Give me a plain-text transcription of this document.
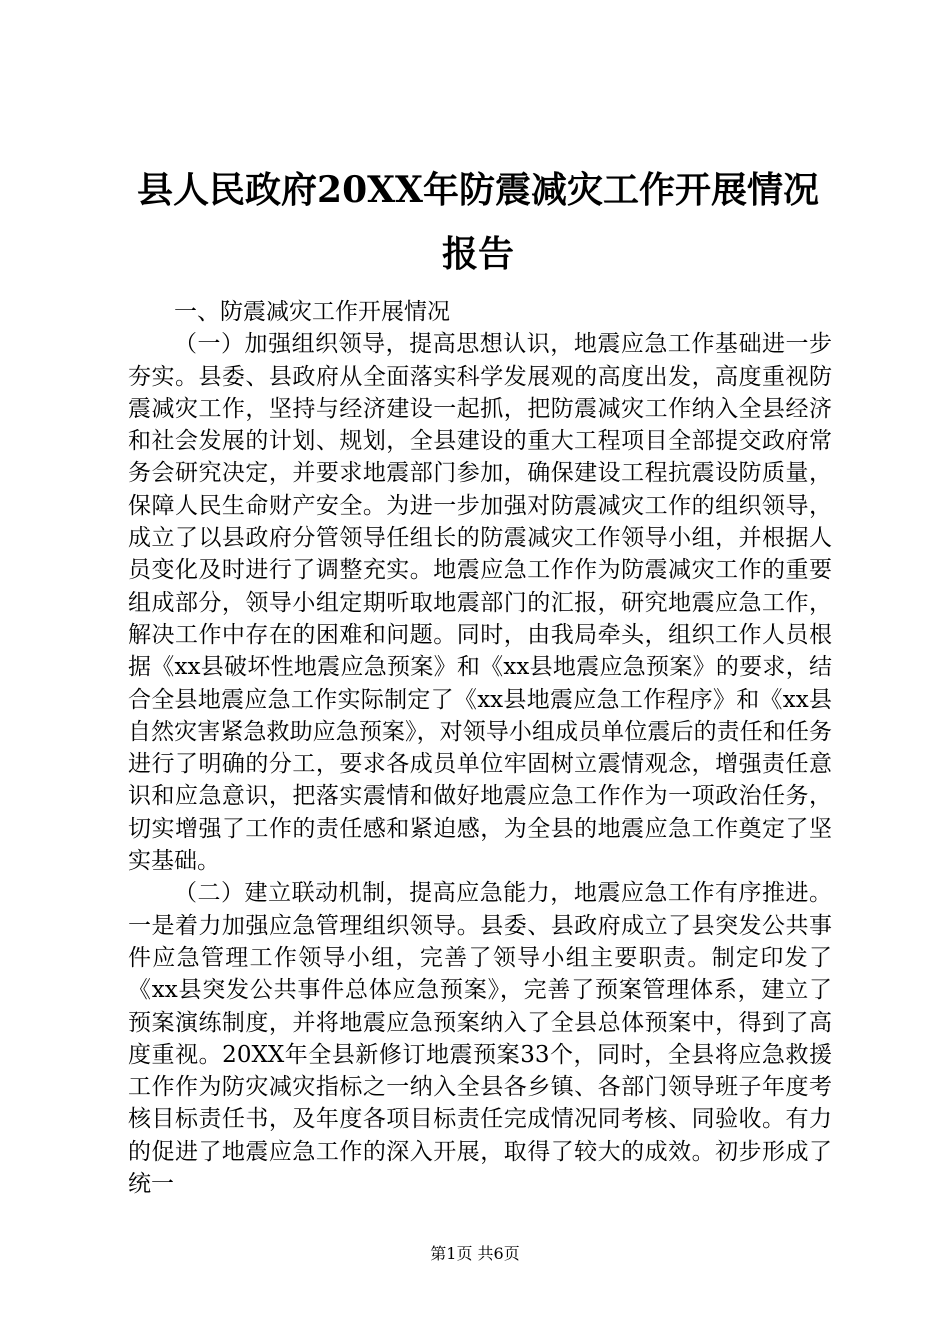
县人民政府20XX年防震减灾工作开展情况报告

一、防震减灾工作开展情况

（一）加强组织领导，提高思想认识，地震应急工作基础进一步夯实。县委、县政府从全面落实科学发展观的高度出发，高度重视防震减灾工作，坚持与经济建设一起抓，把防震减灾工作纳入全县经济和社会发展的计划、规划，全县建设的重大工程项目全部提交政府常务会研究决定，并要求地震部门参加，确保建设工程抗震设防质量，保障人民生命财产安全。为进一步加强对防震减灾工作的组织领导，成立了以县政府分管领导任组长的防震减灾工作领导小组，并根据人员变化及时进行了调整充实。地震应急工作作为防震减灾工作的重要组成部分，领导小组定期听取地震部门的汇报，研究地震应急工作，解决工作中存在的困难和问题。同时，由我局牵头，组织工作人员根据《xx县破坏性地震应急预案》和《xx县地震应急预案》的要求，结合全县地震应急工作实际制定了《xx县地震应急工作程序》和《xx县自然灾害紧急救助应急预案》，对领导小组成员单位震后的责任和任务进行了明确的分工，要求各成员单位牢固树立震情观念，增强责任意识和应急意识，把落实震情和做好地震应急工作作为一项政治任务，切实增强了工作的责任感和紧迫感，为全县的地震应急工作奠定了坚实基础。

（二）建立联动机制，提高应急能力，地震应急工作有序推进。一是着力加强应急管理组织领导。县委、县政府成立了县突发公共事件应急管理工作领导小组，完善了领导小组主要职责。制定印发了《xx县突发公共事件总体应急预案》，完善了预案管理体系，建立了预案演练制度，并将地震应急预案纳入了全县总体预案中，得到了高度重视。20XX年全县新修订地震预案33个，同时，全县将应急救援工作作为防灾减灾指标之一纳入全县各乡镇、各部门领导班子年度考核目标责任书，及年度各项目标责任完成情况同考核、同验收。有力的促进了地震应急工作的深入开展，取得了较大的成效。初步形成了统一

第1页 共6页
